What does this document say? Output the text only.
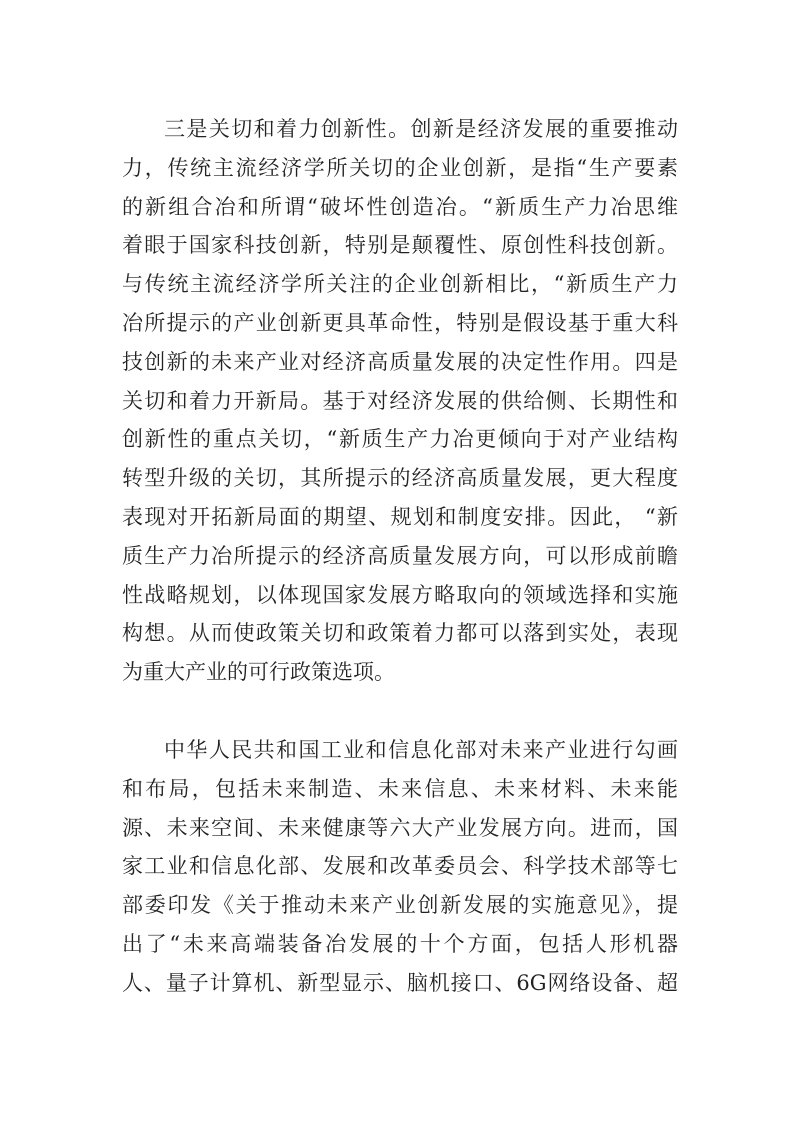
三是关切和着力创新性。创新是经济发展的重要推动
力，传统主流经济学所关切的企业创新，是指“生产要素
的新组合冶和所谓“破坏性创造冶。“新质生产力冶思维
着眼于国家科技创新，特别是颠覆性、原创性科技创新。
与传统主流经济学所关注的企业创新相比，“新质生产力
冶所提示的产业创新更具革命性，特别是假设基于重大科
技创新的未来产业对经济高质量发展的决定性作用。四是
关切和着力开新局。基于对经济发展的供给侧、长期性和
创新性的重点关切，“新质生产力冶更倾向于对产业结构
转型升级的关切，其所提示的经济高质量发展，更大程度
表现对开拓新局面的期望、规划和制度安排。因此， “新
质生产力冶所提示的经济高质量发展方向，可以形成前瞻
性战略规划，以体现国家发展方略取向的领域选择和实施
构想。从而使政策关切和政策着力都可以落到实处，表现
为重大产业的可行政策选项。
中华人民共和国工业和信息化部对未来产业进行勾画
和布局，包括未来制造、未来信息、未来材料、未来能
源、未来空间、未来健康等六大产业发展方向。进而，国
家工业和信息化部、发展和改革委员会、科学技术部等七
部委印发《关于推动未来产业创新发展的实施意见》，提
出了“未来高端装备冶发展的十个方面，包括人形机器
人、量子计算机、新型显示、脑机接口、6G网络设备、超
